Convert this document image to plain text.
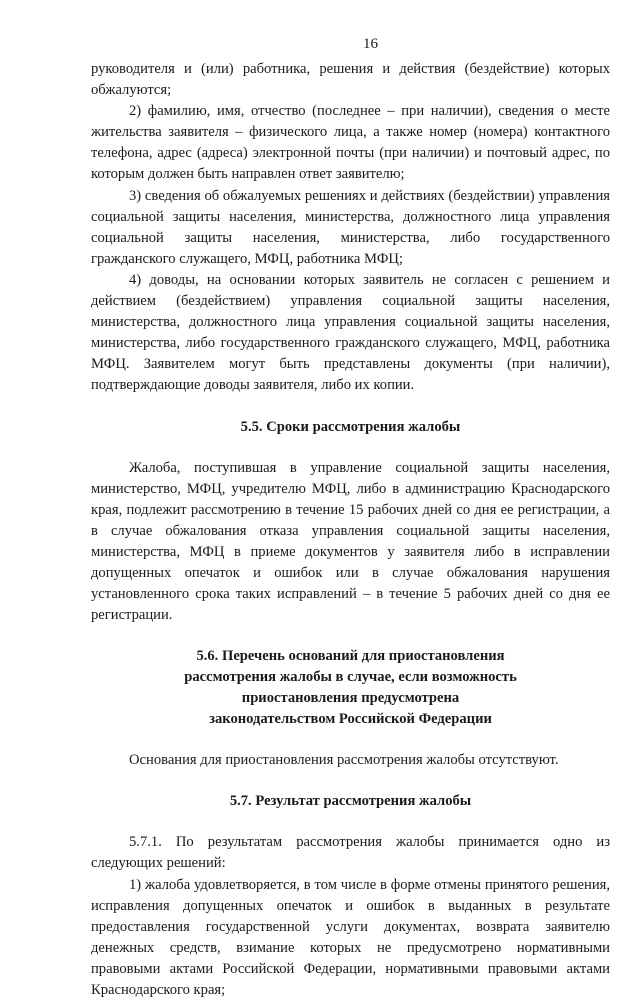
16

руководителя и (или) работника, решения и действия (бездействие) которых обжалуются;

2) фамилию, имя, отчество (последнее – при наличии), сведения о месте жительства заявителя – физического лица, а также номер (номера) контактного телефона, адрес (адреса) электронной почты (при наличии) и почтовый адрес, по которым должен быть направлен ответ заявителю;

3) сведения об обжалуемых решениях и действиях (бездействии) управления социальной защиты населения, министерства, должностного лица управления социальной защиты населения, министерства, либо государственного гражданского служащего, МФЦ, работника МФЦ;

4) доводы, на основании которых заявитель не согласен с решением и действием (бездействием) управления социальной защиты населения, министерства, должностного лица управления социальной защиты населения, министерства, либо государственного гражданского служащего, МФЦ, работника МФЦ. Заявителем могут быть представлены документы (при наличии), подтверждающие доводы заявителя, либо их копии.

5.5. Сроки рассмотрения жалобы

Жалоба, поступившая в управление социальной защиты населения, министерство, МФЦ, учредителю МФЦ, либо в администрацию Краснодарского края, подлежит рассмотрению в течение 15 рабочих дней со дня ее регистрации, а в случае обжалования отказа управления социальной защиты населения, министерства, МФЦ в приеме документов у заявителя либо в исправлении допущенных опечаток и ошибок или в случае обжалования нарушения установленного срока таких исправлений – в течение 5 рабочих дней со дня ее регистрации.

5.6. Перечень оснований для приостановления
рассмотрения жалобы в случае, если возможность
приостановления предусмотрена
законодательством Российской Федерации

Основания для приостановления рассмотрения жалобы отсутствуют.

5.7. Результат рассмотрения жалобы

5.7.1. По результатам рассмотрения жалобы принимается одно из следующих решений:

1) жалоба удовлетворяется, в том числе в форме отмены принятого решения, исправления допущенных опечаток и ошибок в выданных в результате предоставления государственной услуги документах, возврата заявителю денежных средств, взимание которых не предусмотрено нормативными правовыми актами Российской Федерации, нормативными правовыми актами Краснодарского края;
